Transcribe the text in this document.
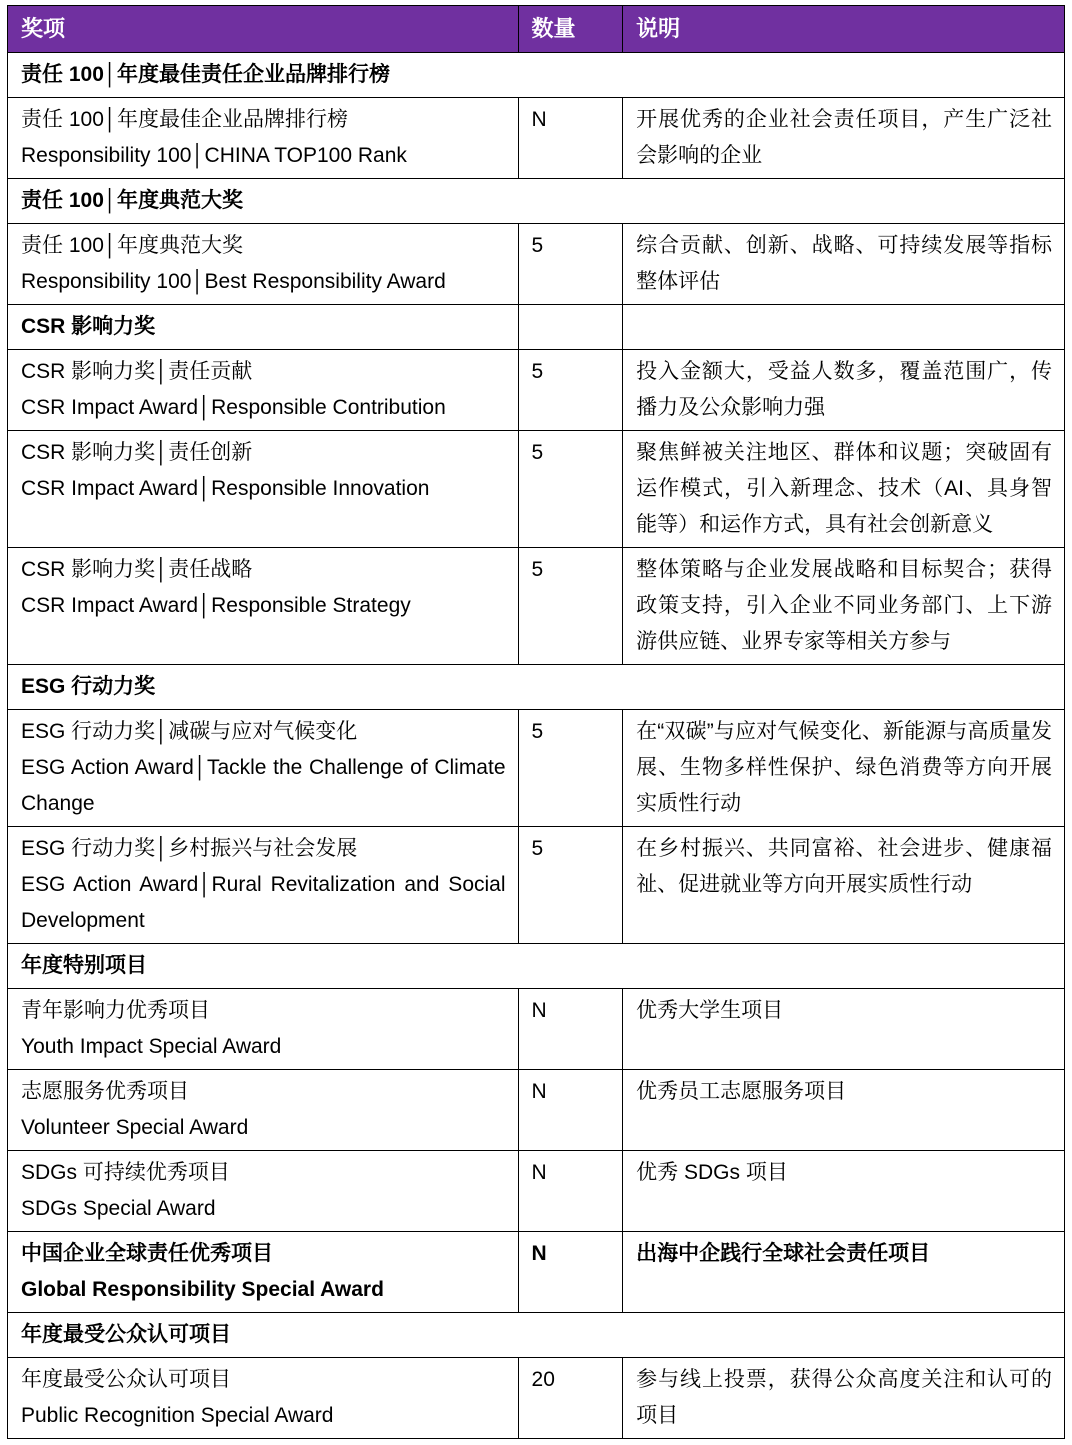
奖项	数量	说明
责任 100│年度最佳责任企业品牌排行榜		

责任 100│年度最佳企业品牌排行榜
Responsibility 100│CHINA TOP100 Rank	N	开展优秀的企业社会责任项目，产生广泛社会影响的企业

责任 100│年度典范大奖		

责任 100│年度典范大奖
Responsibility 100│Best Responsibility Award	5	综合贡献、创新、战略、可持续发展等指标整体评估

CSR 影响力奖		

CSR 影响力奖│责任贡献
CSR Impact Award│Responsible Contribution	5	投入金额大，受益人数多，覆盖范围广，传播力及公众影响力强

CSR 影响力奖│责任创新
CSR Impact Award│Responsible Innovation	5	聚焦鲜被关注地区、群体和议题；突破固有运作模式，引入新理念、技术（AI、具身智能等）和运作方式，具有社会创新意义

CSR 影响力奖│责任战略
CSR Impact Award│Responsible Strategy	5	整体策略与企业发展战略和目标契合；获得政策支持，引入企业不同业务部门、上下游游供应链、业界专家等相关方参与

ESG 行动力奖		

ESG 行动力奖│减碳与应对气候变化
ESG Action Award│Tackle the Challenge of Climate Change	5	在“双碳”与应对气候变化、新能源与高质量发展、生物多样性保护、绿色消费等方向开展实质性行动

ESG 行动力奖│乡村振兴与社会发展
ESG Action Award│Rural Revitalization and Social Development	5	在乡村振兴、共同富裕、社会进步、健康福祉、促进就业等方向开展实质性行动

年度特别项目		

青年影响力优秀项目
Youth Impact Special Award	N	优秀大学生项目

志愿服务优秀项目
Volunteer Special Award	N	优秀员工志愿服务项目

SDGs 可持续优秀项目
SDGs Special Award	N	优秀 SDGs 项目

中国企业全球责任优秀项目
Global Responsibility Special Award	N	出海中企践行全球社会责任项目

年度最受公众认可项目		

年度最受公众认可项目
Public Recognition Special Award	20	参与线上投票，获得公众高度关注和认可的项目
